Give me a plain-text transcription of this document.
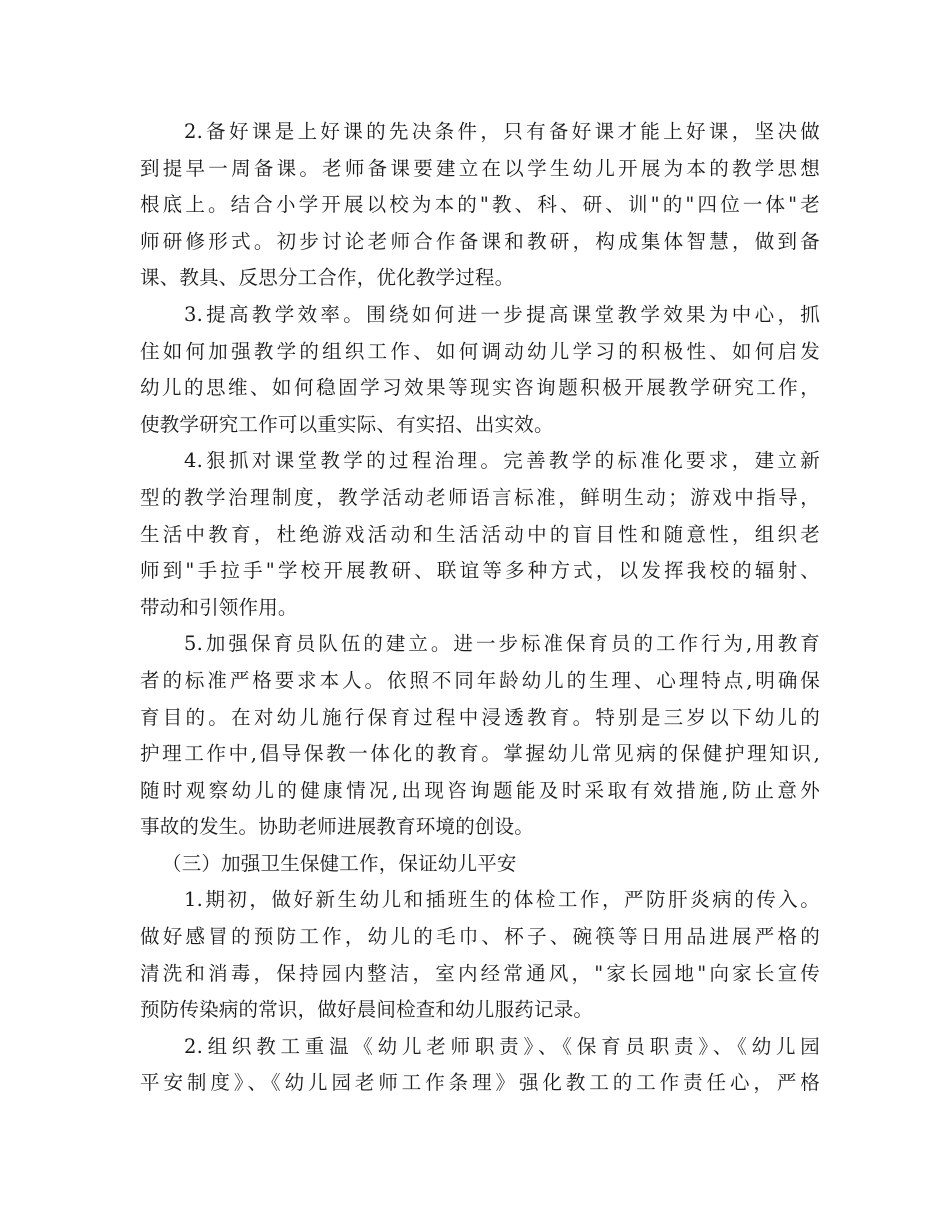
2.备好课是上好课的先决条件，只有备好课才能上好课，坚决做
到提早一周备课。老师备课要建立在以学生幼儿开展为本的教学思想
根底上。结合小学开展以校为本的"教、科、研、训"的"四位一体"老
师研修形式。初步讨论老师合作备课和教研，构成集体智慧，做到备
课、教具、反思分工合作，优化教学过程。
3.提高教学效率。围绕如何进一步提高课堂教学效果为中心，抓
住如何加强教学的组织工作、如何调动幼儿学习的积极性、如何启发
幼儿的思维、如何稳固学习效果等现实咨询题积极开展教学研究工作，
使教学研究工作可以重实际、有实招、出实效。
4.狠抓对课堂教学的过程治理。完善教学的标准化要求，建立新
型的教学治理制度，教学活动老师语言标准，鲜明生动；游戏中指导，
生活中教育，杜绝游戏活动和生活活动中的盲目性和随意性，组织老
师到"手拉手"学校开展教研、联谊等多种方式，以发挥我校的辐射、
带动和引领作用。
5.加强保育员队伍的建立。进一步标准保育员的工作行为,用教育
者的标准严格要求本人。依照不同年龄幼儿的生理、心理特点,明确保
育目的。在对幼儿施行保育过程中浸透教育。特别是三岁以下幼儿的
护理工作中,倡导保教一体化的教育。掌握幼儿常见病的保健护理知识,
随时观察幼儿的健康情况,出现咨询题能及时采取有效措施,防止意外
事故的发生。协助老师进展教育环境的创设。
（三）加强卫生保健工作，保证幼儿平安
1.期初，做好新生幼儿和插班生的体检工作，严防肝炎病的传入。
做好感冒的预防工作，幼儿的毛巾、杯子、碗筷等日用品进展严格的
清洗和消毒，保持园内整洁，室内经常通风，"家长园地"向家长宣传
预防传染病的常识，做好晨间检查和幼儿服药记录。
2.组织教工重温《幼儿老师职责》、《保育员职责》、《幼儿园
平安制度》、《幼儿园老师工作条理》强化教工的工作责任心，严格
